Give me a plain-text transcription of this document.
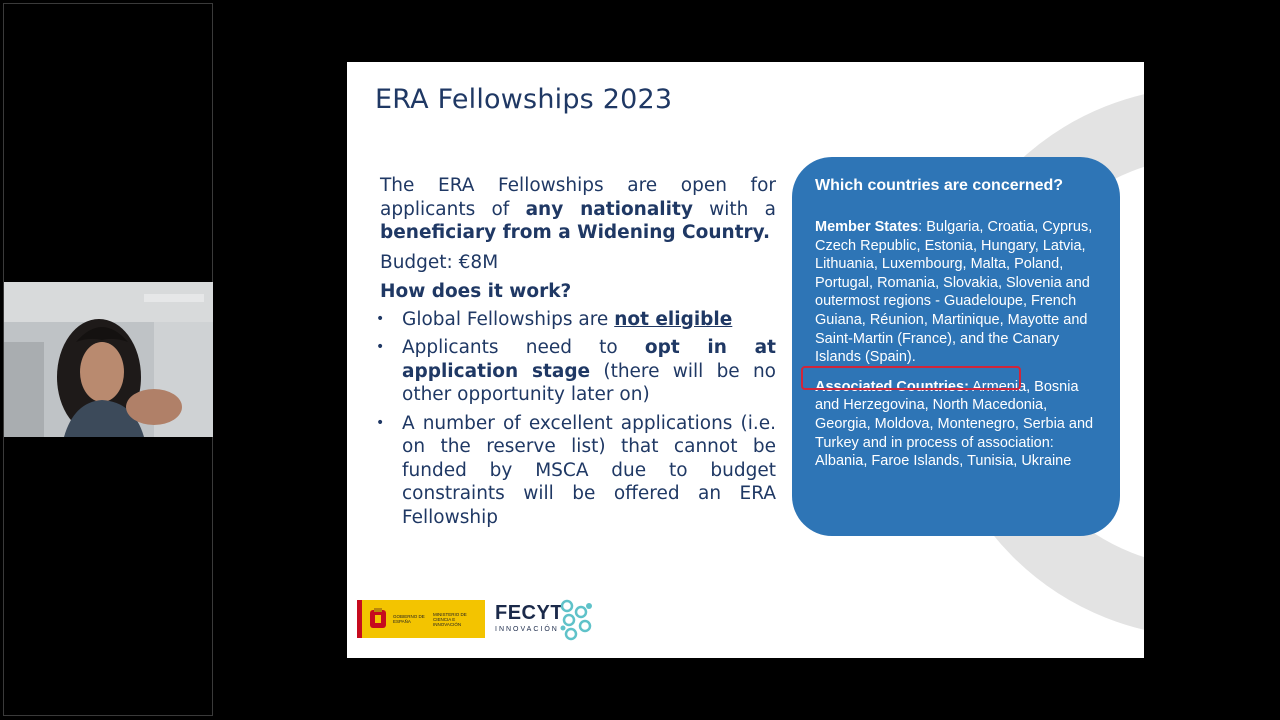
ERA Fellowships 2023

The ERA Fellowships are open for applicants of any nationality with a beneficiary from a Widening Country.

Budget: €8M

How does it work?

• Global Fellowships are not eligible
• Applicants need to opt in at application stage (there will be no other opportunity later on)
• A number of excellent applications (i.e. on the reserve list) that cannot be funded by MSCA due to budget constraints will be offered an ERA Fellowship
Which countries are concerned?

Member States: Bulgaria, Croatia, Cyprus, Czech Republic, Estonia, Hungary, Latvia, Lithuania, Luxembourg, Malta, Poland, Portugal, Romania, Slovakia, Slovenia and outermost regions - Guadeloupe, French Guiana, Réunion, Martinique, Mayotte and Saint-Martin (France), and the Canary Islands (Spain).

Associated Countries: Armenia, Bosnia and Herzegovina, North Macedonia, Georgia, Moldova, Montenegro, Serbia and Turkey and in process of association: Albania, Faroe Islands, Tunisia, Ukraine

GOBIERNO DE ESPAÑA
MINISTERIO DE CIENCIA E INNOVACIÓN	FECYT
INNOVACIÓN
